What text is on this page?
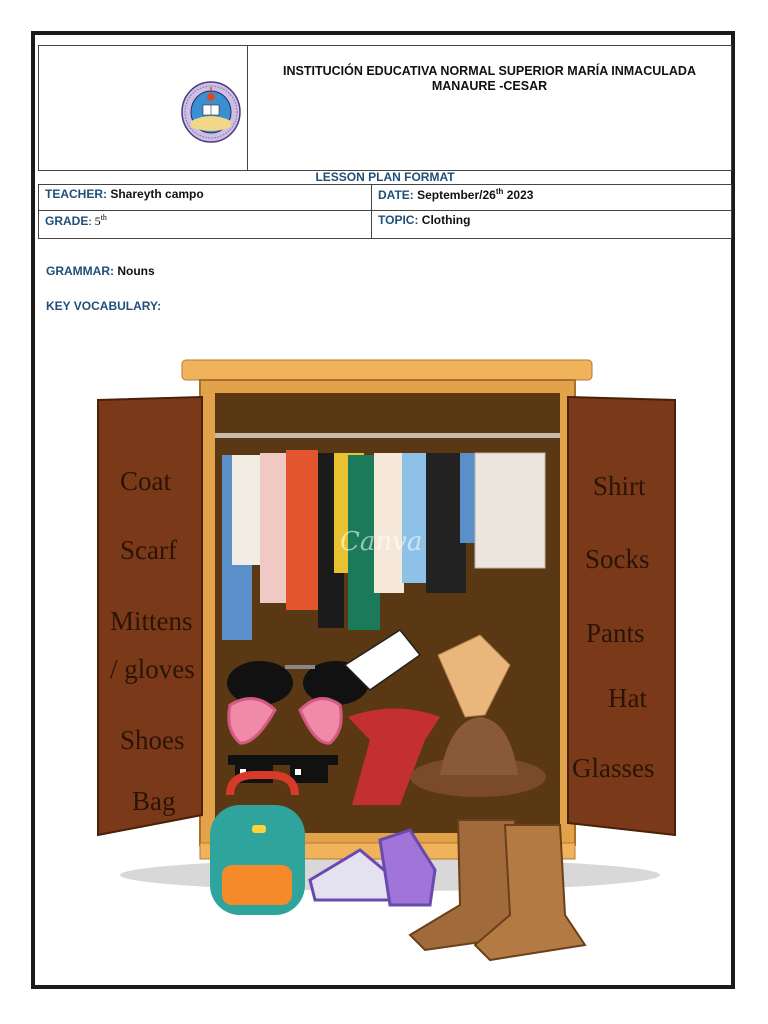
INSTITUCIÓN EDUCATIVA NORMAL SUPERIOR MARÍA INMACULADA
MANAURE -CESAR
LESSON PLAN FORMAT
TEACHER: Shareyth campo	DATE: September/26th 2023
GRADE: 5th	TOPIC: Clothing
GRAMMAR: Nouns
KEY VOCABULARY:
Canva
Coat
Scarf
Mittens
/ gloves
Shoes
Bag
Shirt
Socks
Pants
Hat
Glasses
